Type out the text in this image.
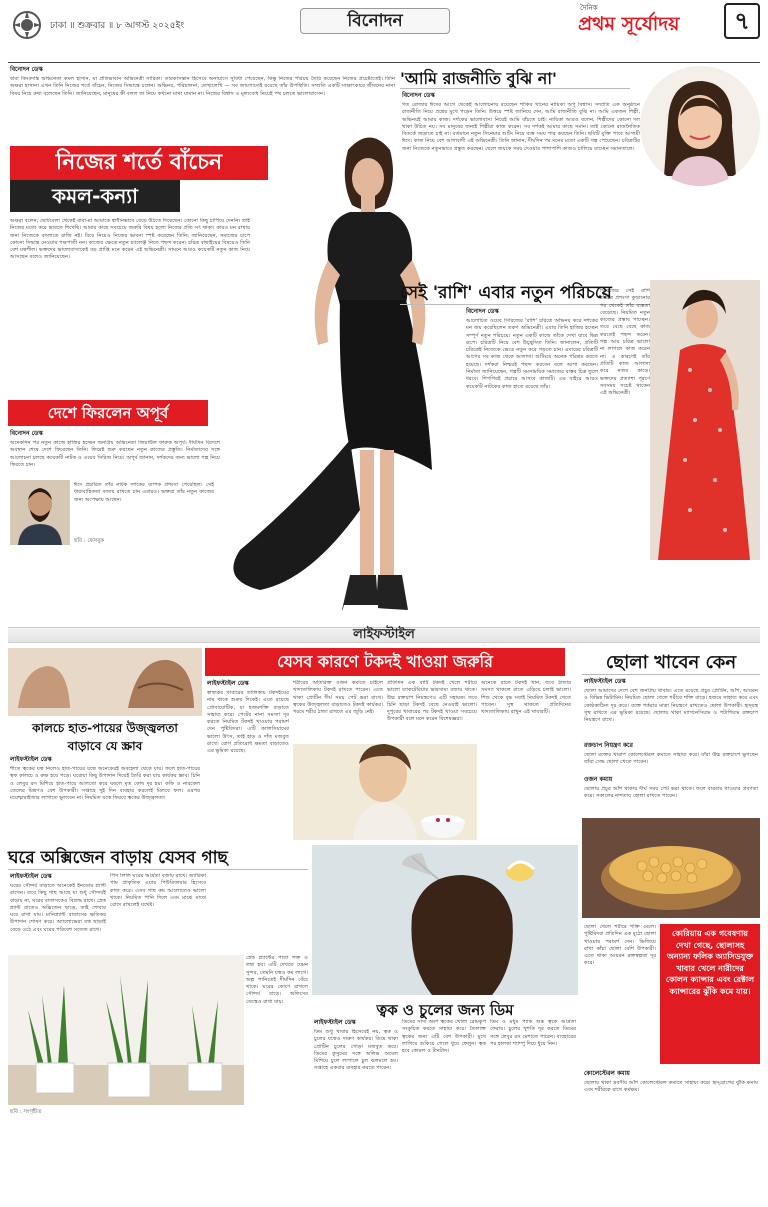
ঢাকা ॥ শুক্রবার ॥ ৮ আগস্ট ২০২৫ইং	বিনোদন
দৈনিক
প্রথম সূর্যোদয়	৭
বিনোদন ডেস্ক
বাবা কিংবদন্তি অভিনেতা কমল হাসান, মা প্রতিভাবান অভিনেত্রী সারিকা। তারকাসন্তান হিসেবে অনায়াসে সুবিধা পেয়েছেন, কিন্তু নিজের পরিচয় তৈরি করেছেন নিজের প্রচেষ্টাতেই। তিনি অক্ষরা হাসান। এখন তিনি নিজের শর্তে বাঁচেন, নিজের সিদ্ধান্তে চলেন। অভিনয়, পরিচালনা, লেখালেখি — সব জায়গাতেই রয়েছে তাঁর উপস্থিতি। সম্প্রতি একটি সাক্ষাৎকারে জীবনের নানা বিষয় নিয়ে কথা বলেছেন তিনি। জানিয়েছেন, মানুষের কী বলল তা নিয়ে কখনো মাথা ঘামান না। নিজের বিশ্বাস ও মূল্যবোধ নিয়েই পথ চলতে ভালোবাসেন।
নিজের শর্তে বাঁচেন
কমল-কন্যা
অক্ষরা বলেন, ছোটবেলা থেকেই বাবা-মা আমাকে স্বাধীনভাবে বেড়ে উঠতে দিয়েছেন। কোনো কিছু চাপিয়ে দেননি। তাই নিজের মতো করে ভাবতে শিখেছি। আমার কাছে সবচেয়ে জরুরি বিষয় হলো নিজের প্রতি সৎ থাকা। কারও মন রাখার জন্য নিজেকে বদলাতে রাজি নই। বিয়ে নিয়েও নিজের ভাবনা স্পষ্ট করেছেন তিনি। জানিয়েছেন, সমাজের চাপে কোনো সিদ্ধান্ত নেওয়ার পক্ষপাতী নন। কাজের ক্ষেত্রে নতুন চ্যালেঞ্জ নিতে পছন্দ করেন। চরিত্র বাছাইয়ের বিষয়েও তিনি বেশ যত্নশীল। ভক্তদের ভালোবাসাকেই বড় প্রাপ্তি মনে করেন এই অভিনেত্রী। সামনে আরও কয়েকটি নতুন কাজ নিয়ে আসছেন বলেও জানিয়েছেন।
দেশে ফিরলেন অপূর্ব
বিনোদন ডেস্ক
অনেকদিন পর নতুন কাজে হাজির হচ্ছেন জনপ্রিয় অভিনেতা জিয়াউল ফারুক অপূর্ব। দীর্ঘদিন বিদেশে অবস্থান শেষে দেশে ফিরেছেন তিনি। ফিরেই শুরু করছেন নতুন কাজের প্রস্তুতি। নির্মাতাদের সঙ্গে আলোচনা চলছে কয়েকটি নাটক ও ওয়েব সিরিজ নিয়ে। অপূর্ব জানান, দর্শকদের জন্য ভালো গল্প নিয়ে ফিরতে চান।
ছবি : ফেসবুক
ঈদে প্রচারিত তাঁর নাটক দর্শকের ব্যাপক প্রশংসা পেয়েছিল। সেই ধারাবাহিকতা বজায় রাখতে চান এবারও। ভক্তরা তাঁর নতুন কাজের জন্য অপেক্ষায় আছেন।
'আমি রাজনীতি বুঝি না'
বিনোদন ডেস্ক
গত রোজার ঈদের আগে থেকেই আলোচনায় রয়েছেন শাকিব খানের নায়িকা অপু বিশ্বাস। সম্প্রতি এক অনুষ্ঠানে রাজনীতি নিয়ে প্রশ্নের মুখে পড়েন তিনি। উত্তরে স্পষ্ট জানিয়ে দেন, আমি রাজনীতি বুঝি না। আমি একজন শিল্পী, অভিনয়ই আমার কাজ। দর্শকের ভালোবাসা নিয়েই আমি বাঁচতে চাই। নায়িকা আরও বলেন, শিল্পীদের কোনো দল থাকা উচিত নয়। সব মানুষের জন্যই শিল্পীরা কাজ করেন। সব দর্শকই আমার কাছে সমান। তাই কোনো রাজনৈতিক বিতর্কে জড়াতে চাই না। বর্তমানে নতুন সিনেমার শুটিং নিয়ে ব্যস্ত সময় পার করছেন তিনি। ছবিটি মুক্তি পাবে আগামী ঈদে। কাজ নিয়ে বেশ আশাবাদী এই অভিনেত্রী। তিনি জানান, দীর্ঘদিন পর মনের মতো একটি গল্প পেয়েছেন। চরিত্রটির জন্য নিজেকে নতুনভাবে প্রস্তুত করছেন। ছেলে জয়কে সময় দেওয়ার পাশাপাশি কাজও চালিয়ে যাচ্ছেন সমানতালে।
সেই 'রাশি' এবার নতুন পরিচয়ে
বিনোদন ডেস্ক
আলোচিত ওয়েব সিরিজের 'রাশি' চরিত্রে অভিনয় করে দর্শকের মন জয় করেছিলেন তরুণ অভিনেত্রী। এবার তিনি হাজির হচ্ছেন সম্পূর্ণ নতুন পরিচয়ে। নতুন একটি কাজে তাঁকে দেখা যাবে ভিন্ন রূপে। চরিত্রটি নিয়ে বেশ উচ্ছ্বসিত তিনি। জানালেন, প্রতিটি চরিত্রেই নিজেকে ভেঙে নতুন করে গড়তে চান। এবারের চরিত্রটি আগের সব কাজ থেকে আলাদা। শুটিংয়ে অনেক পরিশ্রম করতে হয়েছে। দর্শকরা নিশ্চয়ই পছন্দ করবেন বলে আশা করছেন। নির্মাতা জানিয়েছেন, গল্পটি সমসাময়িক সমাজের বাস্তব চিত্র তুলে ধরবে। শিগগিরই প্রচারে আসবে কাজটি। এর বাইরে আরও কয়েকটি নাটকের কাজ হাতে রয়েছে তাঁর।
সিরিজের সেই রাশি চরিত্রে প্রশংসা কুড়ানোর পর থেকেই তাঁর ব্যস্ততা বেড়েছে। নিয়মিত নতুন কাজের প্রস্তাব পাচ্ছেন। তবে বেছে বেছে কাজ করতেই পছন্দ করেন। গল্প আর চরিত্র ভালো না লাগলে কাজ করেন না। এ কারণেই তাঁর প্রতিটি কাজ আলাদা করে নজর কাড়ে। ভক্তদের প্রত্যাশা পূরণে সবসময় সচেষ্ট থাকেন এই অভিনেত্রী।
লাইফস্টাইল
কালচে হাত-পায়ের উজ্জ্বলতা
বাড়াবে যে স্ক্রাব
লাইফস্টাইল ডেস্ক
শীতে ত্বকের যত্ন নিলেও হাত-পায়ের যত্নে অনেকেরই অবহেলা থেকে যায়। ফলে হাত-পায়ের ত্বক কালচে ও রুক্ষ হয়ে পড়ে। ঘরোয়া কিছু উপাদান দিয়েই তৈরি করা যায় কার্যকর স্ক্রাব। চিনি ও লেবুর রস মিশিয়ে হাত-পায়ে আলতো করে ঘষলে মৃত কোষ দূর হয়। কফি ও নারকেল তেলের মিশ্রণও বেশ উপকারী। সপ্তাহে দুই দিন ব্যবহার করলেই মিলবে ফল। এরপর ময়েশ্চারাইজার লাগাতে ভুলবেন না। নিয়মিত যত্নে ফিরবে ত্বকের উজ্জ্বলতা।
যেসব কারণে টকদই খাওয়া জরুরি
লাইফস্টাইল ডেস্ক
স্বাস্থ্যকর খাবারের তালিকায় টকদইয়ের নাম থাকে শুরুর দিকেই। এতে রয়েছে প্রোবায়োটিক, যা হজমশক্তি বাড়াতে সাহায্য করে। পেটের নানা সমস্যা দূর করতে নিয়মিত টকদই খাওয়ার পরামর্শ দেন পুষ্টিবিদরা। এটি ক্যালসিয়ামের ভালো উৎস, তাই হাড় ও দাঁত মজবুত রাখে। রোগ প্রতিরোধ ক্ষমতা বাড়াতেও এর ভূমিকা রয়েছে।
শরীরের অতিরিক্ত ওজন কমাতে চাইলে খাদ্যতালিকায় টকদই রাখতে পারেন। এতে থাকা প্রোটিন দীর্ঘ সময় পেট ভরা রাখে। ত্বকের উজ্জ্বলতা বাড়াতেও টকদই কার্যকর। গরমে শরীর ঠান্ডা রাখতে এর জুড়ি নেই।
প্রতিদিন এক বাটি টকদই খেলে শরীরে ভালো ব্যাকটেরিয়ার ভারসাম্য বজায় থাকে। উচ্চ রক্তচাপ নিয়ন্ত্রণেও এটি সহায়ক। তবে চিনি ছাড়া টকদই বেছে নেওয়াই ভালো। দুপুরের খাবারের পর টকদই খাওয়া সবচেয়ে উপকারী বলে মনে করেন বিশেষজ্ঞরা।
অনেকে রাতে টকদই খান, তবে ঠান্ডার সমস্যা থাকলে রাতে এড়িয়ে চলাই ভালো। শিশু থেকে বৃদ্ধ সবাই নিয়মিত টকদই খেতে পারেন। সুস্থ থাকতে প্রতিদিনের খাদ্যতালিকায় রাখুন এই খাবারটি।
ছোলা খাবেন কেন
লাইফস্টাইল ডেস্ক
ছোলা আমাদের দেশে বেশ জনপ্রিয় খাবার। এতে রয়েছে প্রচুর প্রোটিন, আঁশ, আয়রন ও বিভিন্ন ভিটামিন। নিয়মিত ছোলা খেলে শরীরে শক্তি বাড়ে। হজমে সাহায্য করে এবং কোষ্ঠকাঠিন্য দূর করে। রক্তে শর্করার মাত্রা নিয়ন্ত্রণে রাখতেও ছোলা উপকারী। হৃদ্‌যন্ত্র সুস্থ রাখতে এর ভূমিকা রয়েছে। ছোলায় থাকা ম্যাগনেসিয়াম ও পটাশিয়াম রক্তচাপ নিয়ন্ত্রণে রাখে।
রক্তচাপ নিয়ন্ত্রণ করে
ছোলা রক্তের খারাপ কোলেস্টেরল কমাতে সাহায্য করে। যাঁরা উচ্চ রক্তচাপে ভুগছেন তাঁরা সেদ্ধ ছোলা খেতে পারেন।
ওজন কমায়
ছোলায় প্রচুর আঁশ থাকায় দীর্ঘ সময় পেট ভরা থাকে। ফলে বারবার খাওয়ার প্রবণতা কমে। সকালের নাশতায় ছোলা রাখতে পারেন।
ছোলা খেলে শরীরে শক্তি মেলে। পুষ্টিবিদরা প্রতিদিন এক মুঠো ছোলা খাওয়ার পরামর্শ দেন। ভিজিয়ে রাখা কাঁচা ছোলা বেশি উপকারী। এতে থাকা আয়রন রক্তস্বল্পতা দূর করে।
কোরিয়ায় এক গবেষণায় দেখা গেছে, ছোলাসহ অন্যান্য ফলিক অ্যাসিডযুক্ত খাবার খেলে নারীদের কোলন ক্যান্সার এবং রেক্টাল ক্যান্সারের ঝুঁকি কমে যায়।
কোলেস্টেরল কমায়
ছোলায় থাকা দ্রবণীয় আঁশ কোলেস্টেরল কমাতে সাহায্য করে। হৃদ্‌রোগের ঝুঁকি কমায় এবং শরীরকে রাখে কর্মক্ষম।
ঘরে অক্সিজেন বাড়ায় যেসব গাছ
লাইফস্টাইল ডেস্ক
ঘরের সৌন্দর্য বাড়াতে অনেকেই ইনডোর প্ল্যান্ট রাখেন। তবে কিছু গাছ আছে যা শুধু সৌন্দর্যই বাড়ায় না, ঘরের বাতাসকেও বিশুদ্ধ রাখে। স্নেক প্ল্যান্ট রাতেও অক্সিজেন ছাড়ে, তাই শোবার ঘরে রাখা যায়। মানিপ্ল্যান্ট বাতাসের ক্ষতিকর উপাদান শোষণ করে। অ্যালোভেরা যত্ন ছাড়াই বেড়ে ওঠে এবং ঘরের পরিবেশ সতেজ রাখে।
পিস লিলি ঘরের আর্দ্রতা বজায় রাখে। অ্যারিকা পাম প্রাকৃতিক এয়ার পিউরিফায়ার হিসেবে কাজ করে। এসব গাছ কম আলোতেও ভালো থাকে। নিয়মিত পানি দিলে এবং মাঝে মাঝে রোদে রাখলেই যথেষ্ট।
স্নেক প্ল্যান্টের পাতা শক্ত ও লম্বা হয়। এটি দেখতে যেমন সুন্দর, তেমনি যত্নও কম লাগে। অল্প পানিতেই দীর্ঘদিন বেঁচে থাকে। ঘরের কোণে রাখলে সৌন্দর্য বাড়ে। অফিসের ডেস্কেও রাখা যায়।
ছবি : সংগৃহীত
ত্বক ও চুলের জন্য ডিম
লাইফস্টাইল ডেস্ক
ডিম শুধু খাবার হিসেবেই নয়, ত্বক ও চুলের যত্নেও দারুণ কার্যকর। ডিমে থাকা প্রোটিন চুলের গোড়া মজবুত করে। ডিমের কুসুমের সঙ্গে অলিভ অয়েল মিশিয়ে চুলে লাগালে চুল ঝলমলে হয়। সপ্তাহে একবার ব্যবহার করতে পারেন।
ডিমের সাদা অংশ ত্বকের খোলা রোমকূপ সংকুচিত করতে সাহায্য করে। তৈলাক্ত ত্বকের জন্য এটি বেশ উপকারী। মুখে লাগিয়ে শুকিয়ে গেলে ধুয়ে ফেলুন। ত্বক হবে কোমল ও টানটান।
ডিম ও মধুর প্যাক শুষ্ক ত্বকে আর্দ্রতা ফেরায়। চুলের খুশকি দূর করতে ডিমের সঙ্গে লেবুর রস মেশাতে পারেন। ব্যবহারের পর হালকা শ্যাম্পু দিয়ে ধুয়ে নিন।
